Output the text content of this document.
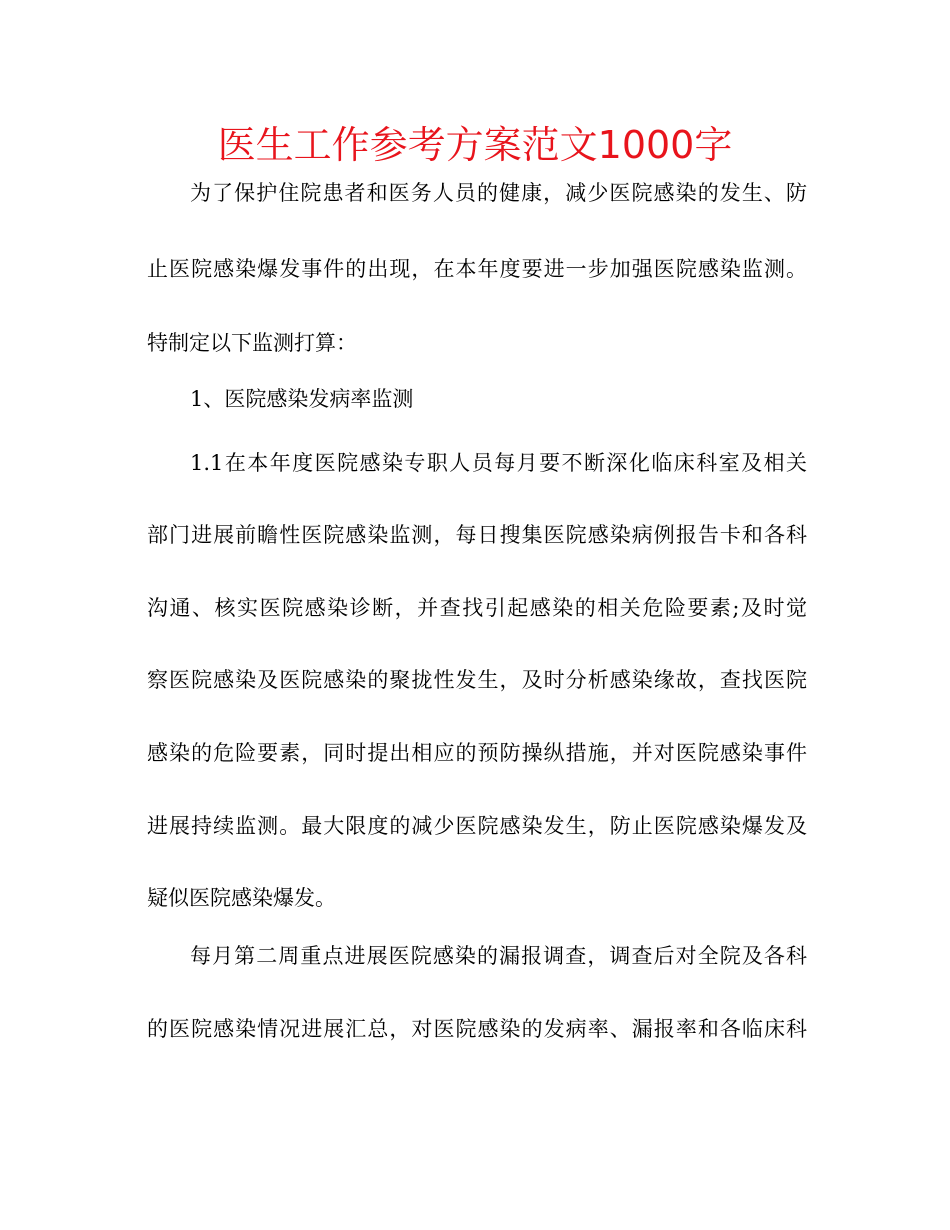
医生工作参考方案范文1000字
为了保护住院患者和医务人员的健康，减少医院感染的发生、防
止医院感染爆发事件的出现，在本年度要进一步加强医院感染监测。
特制定以下监测打算：
1、医院感染发病率监测
1.1在本年度医院感染专职人员每月要不断深化临床科室及相关
部门进展前瞻性医院感染监测，每日搜集医院感染病例报告卡和各科
沟通、核实医院感染诊断，并查找引起感染的相关危险要素;及时觉
察医院感染及医院感染的聚拢性发生，及时分析感染缘故，查找医院
感染的危险要素，同时提出相应的预防操纵措施，并对医院感染事件
进展持续监测。最大限度的减少医院感染发生，防止医院感染爆发及
疑似医院感染爆发。
每月第二周重点进展医院感染的漏报调查，调查后对全院及各科
的医院感染情况进展汇总，对医院感染的发病率、漏报率和各临床科
